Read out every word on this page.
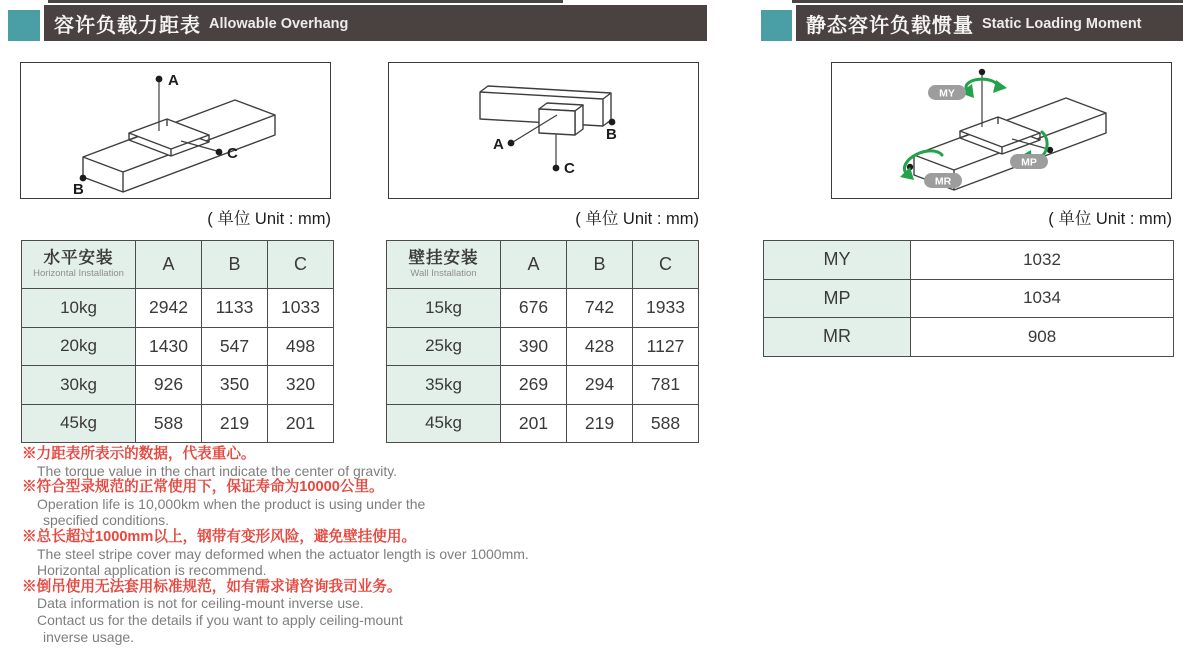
容许负载力距表 Allowable Overhang	静态容许负载惯量 Static Loading Moment
A
B
C
( 单位 Unit : mm)
A
B
C
( 单位 Unit : mm)
MY
MP
MR
( 单位 Unit : mm)
水平安装
Horizontal Installation	A	B	C
10kg	2942	1133	1033
20kg	1430	547	498
30kg	926	350	320
45kg	588	219	201
壁挂安装
Wall Installation	A	B	C
15kg	676	742	1933
25kg	390	428	1127
35kg	269	294	781
45kg	201	219	588
MY	1032
MP	1034
MR	908
※力距表所表示的数据，代表重心。
The torque value in the chart indicate the center of gravity.
※符合型录规范的正常使用下，保证寿命为10000公里。
Operation life is 10,000km when the product is using under the
specified conditions.
※总长超过1000mm以上，钢带有变形风险，避免壁挂使用。
The steel stripe cover may deformed when the actuator length is over 1000mm.
Horizontal application is recommend.
※倒吊使用无法套用标准规范，如有需求请咨询我司业务。
Data information is not for ceiling-mount inverse use.
Contact us for the details if you want to apply ceiling-mount
inverse usage.
